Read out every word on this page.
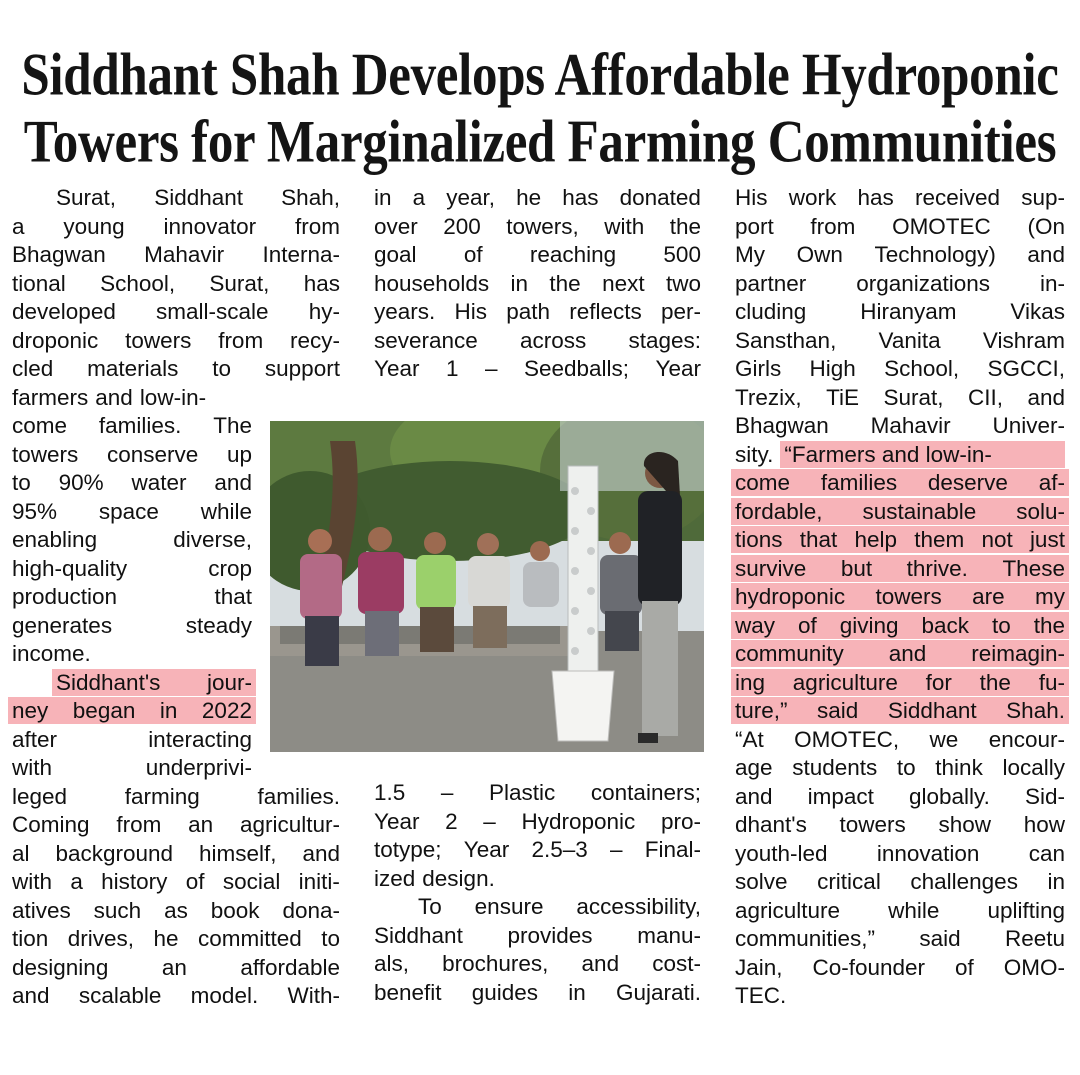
Siddhant Shah Develops Affordable Hydroponic
Towers for Marginalized Farming Communities
Surat, Siddhant Shah,
a young innovator from
Bhagwan Mahavir Interna-
tional School, Surat, has
developed small-scale hy-
droponic towers from recy-
cled materials to support
farmers and low-in-
come families. The
towers conserve up
to 90% water and
95% space while
enabling	diverse,
high-quality	crop
production	that
generates	steady
income.
Siddhant's jour-
ney began in 2022
after	interacting
with	underprivi-
leged	farming	families.
Coming from an agricultur-
al background himself, and
with a history of social initi-
atives such as book dona-
tion drives, he committed to
designing an affordable
and scalable model. With-
in a year, he has donated
over 200 towers, with the
goal of reaching 500
households in the next two
years. His path reflects per-
severance across stages:
Year 1 – Seedballs; Year
1.5 – Plastic containers;
Year 2 – Hydroponic pro-
totype; Year 2.5–3 – Final-
ized design.
To ensure accessibility,
Siddhant provides manu-
als, brochures, and cost-
benefit guides in Gujarati.
His work has received sup-
port from OMOTEC (On
My Own Technology) and
partner organizations in-
cluding Hiranyam Vikas
Sansthan, Vanita Vishram
Girls High School, SGCCI,
Trezix, TiE Surat, CII, and
Bhagwan Mahavir Univer-
sity. “Farmers and low-in-
come families deserve af-
fordable, sustainable solu-
tions that help them not just
survive but thrive. These
hydroponic towers are my
way of giving back to the
community and reimagin-
ing agriculture for the fu-
ture,” said Siddhant Shah.
“At OMOTEC, we encour-
age students to think locally
and impact globally. Sid-
dhant's towers show how
youth-led innovation can
solve critical challenges in
agriculture while uplifting
communities,” said Reetu
Jain, Co-founder of OMO-
TEC.
